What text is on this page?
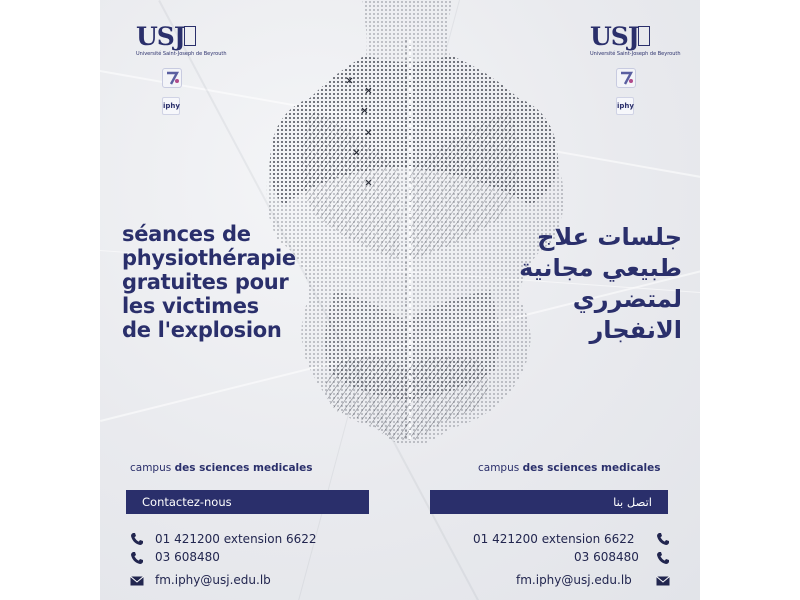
USJ
Université Saint-Joseph de Beyrouth
iphy
USJ
Université Saint-Joseph de Beyrouth
iphy
séances de
physiothérapie
gratuites pour
les victimes
de l'explosion
جلسات علاج
طبيعي مجانية
لمتضرري
الانفجار
campus des sciences medicales	campus des sciences medicales
Contactez-nous	اتصل بنا
01 421200 extension 6622
03 608480
fm.iphy@usj.edu.lb
01 421200 extension 6622
03 608480
fm.iphy@usj.edu.lb
